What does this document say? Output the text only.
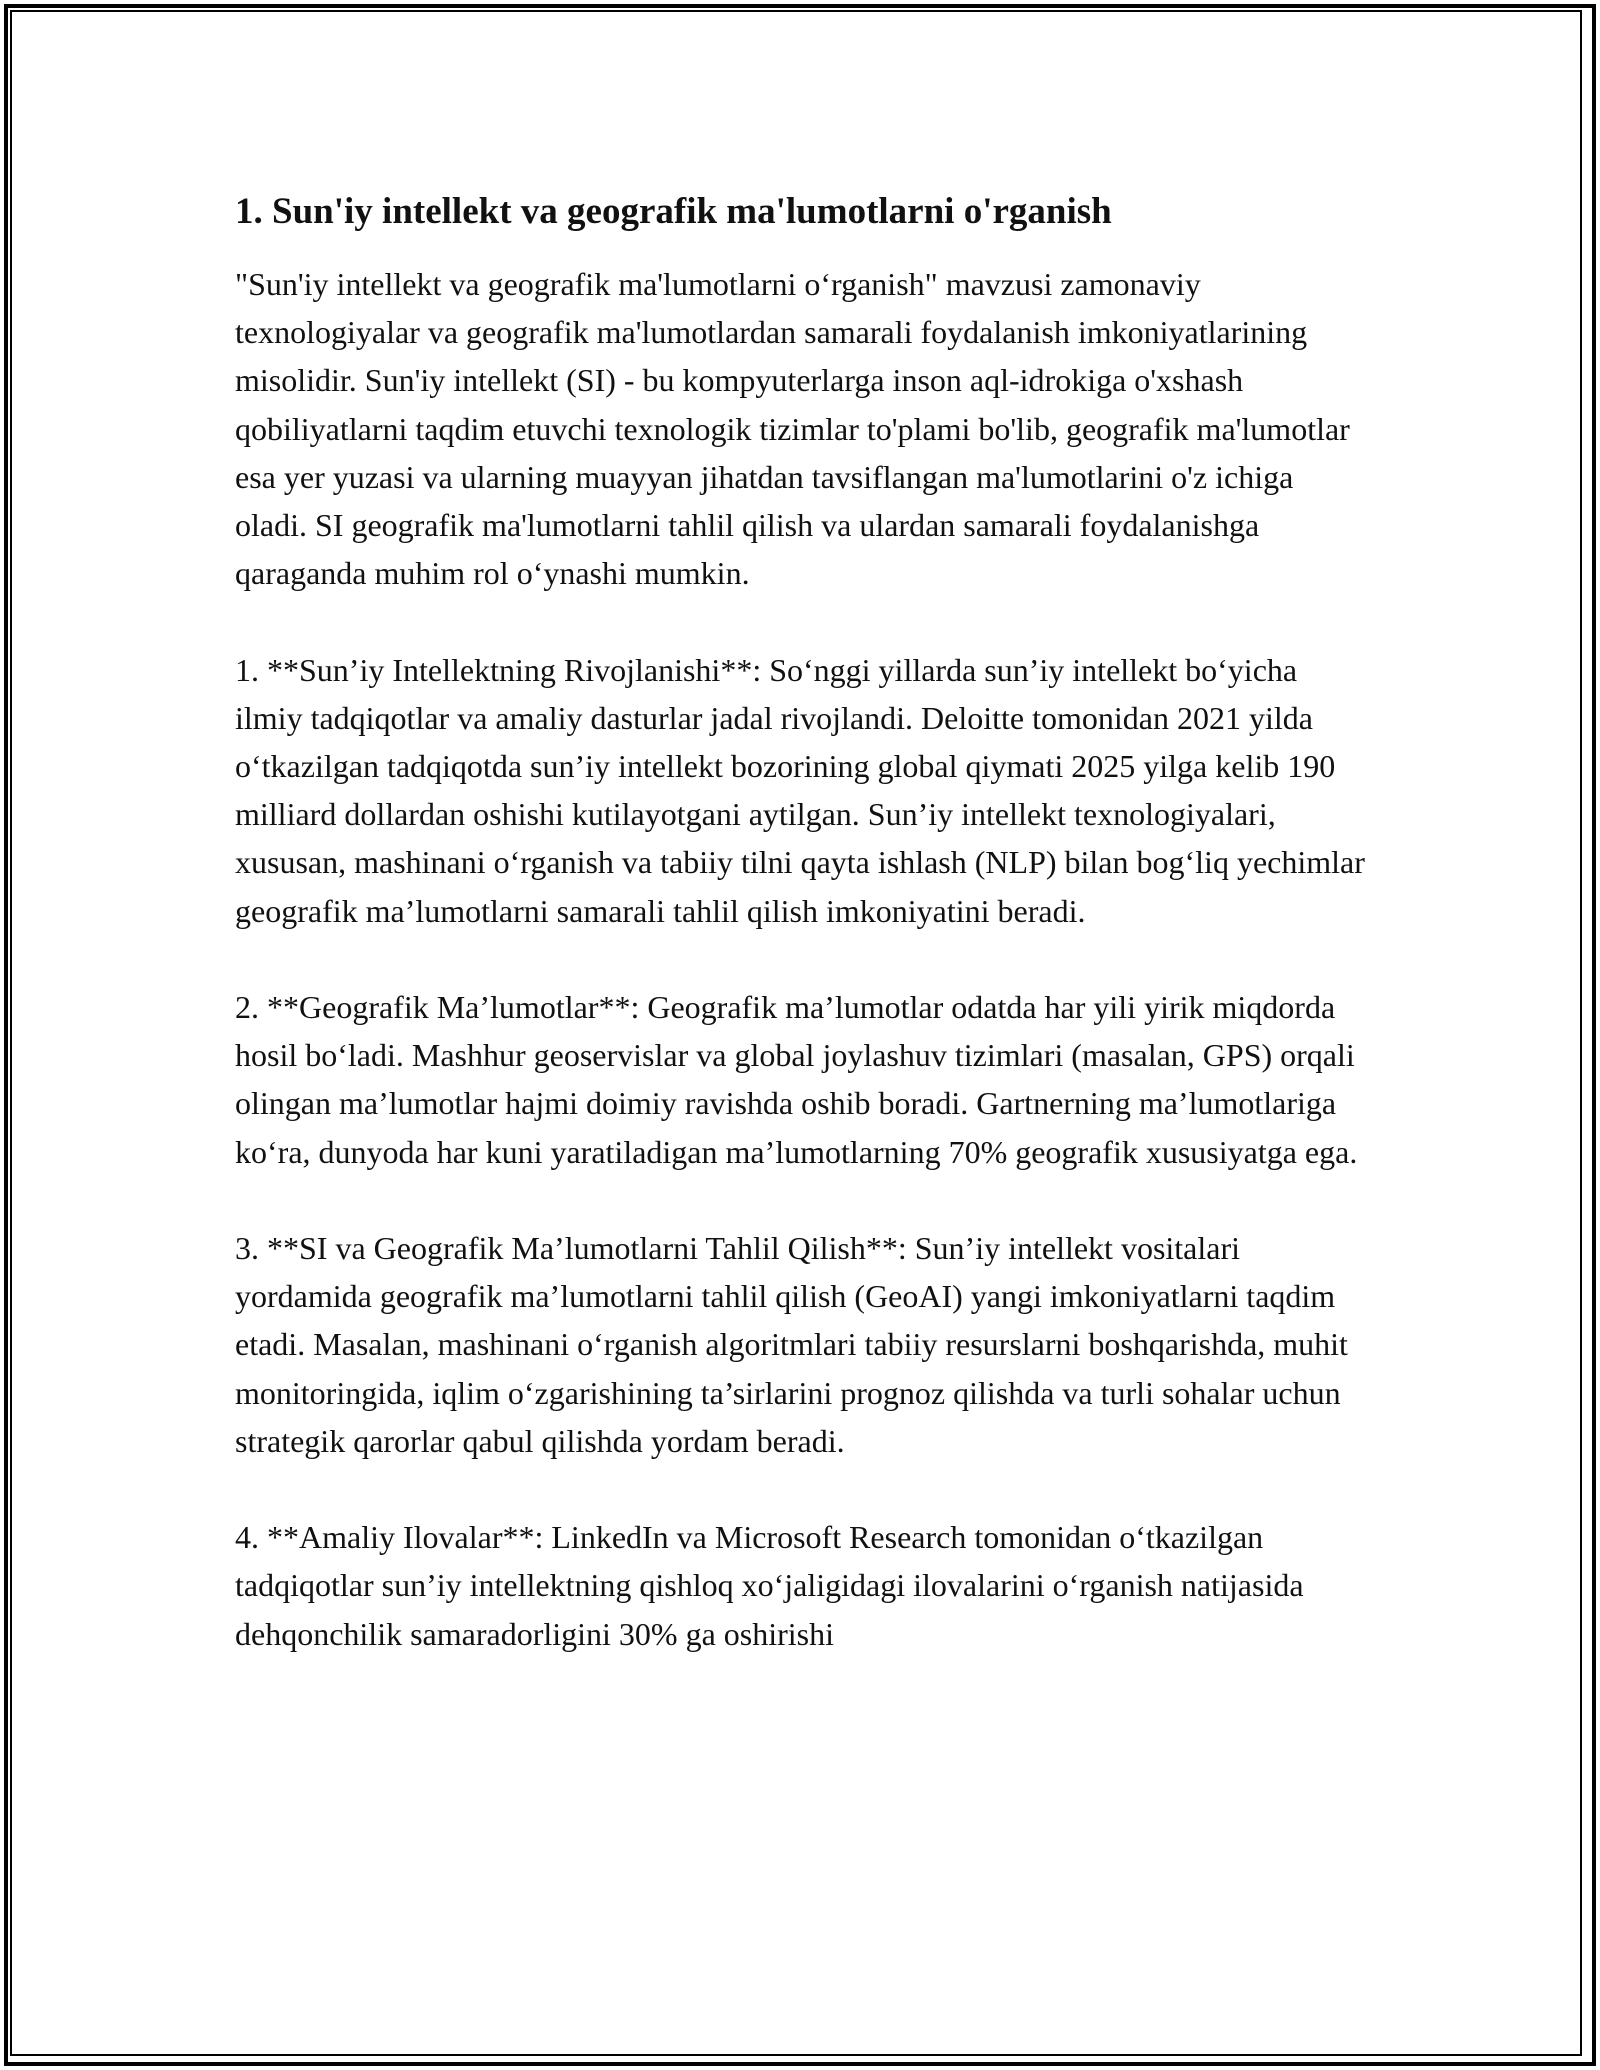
1. Sun'iy intellekt va geografik ma'lumotlarni o'rganish

"Sun'iy intellekt va geografik ma'lumotlarni oʻrganish" mavzusi zamonaviy texnologiyalar va geografik ma'lumotlardan samarali foydalanish imkoniyatlarining misolidir. Sun'iy intellekt (SI) - bu kompyuterlarga inson aql-idrokiga o'xshash qobiliyatlarni taqdim etuvchi texnologik tizimlar to'plami bo'lib, geografik ma'lumotlar esa yer yuzasi va ularning muayyan jihatdan tavsiflangan ma'lumotlarini o'z ichiga oladi. SI geografik ma'lumotlarni tahlil qilish va ulardan samarali foydalanishga qaraganda muhim rol oʻynashi mumkin.

1. **Sun’iy Intellektning Rivojlanishi**: Soʻnggi yillarda sun’iy intellekt boʻyicha ilmiy tadqiqotlar va amaliy dasturlar jadal rivojlandi. Deloitte tomonidan 2021 yilda oʻtkazilgan tadqiqotda sun’iy intellekt bozorining global qiymati 2025 yilga kelib 190 milliard dollardan oshishi kutilayotgani aytilgan. Sun’iy intellekt texnologiyalari, xususan, mashinani oʻrganish va tabiiy tilni qayta ishlash (NLP) bilan bogʻliq yechimlar geografik ma’lumotlarni samarali tahlil qilish imkoniyatini beradi.

2. **Geografik Ma’lumotlar**: Geografik ma’lumotlar odatda har yili yirik miqdorda hosil boʻladi. Mashhur geoservislar va global joylashuv tizimlari (masalan, GPS) orqali olingan ma’lumotlar hajmi doimiy ravishda oshib boradi. Gartnerning ma’lumotlariga koʻra, dunyoda har kuni yaratiladigan ma’lumotlarning 70% geografik xususiyatga ega.

3. **SI va Geografik Ma’lumotlarni Tahlil Qilish**: Sun’iy intellekt vositalari yordamida geografik ma’lumotlarni tahlil qilish (GeoAI) yangi imkoniyatlarni taqdim etadi. Masalan, mashinani oʻrganish algoritmlari tabiiy resurslarni boshqarishda, muhit monitoringida, iqlim oʻzgarishining ta’sirlarini prognoz qilishda va turli sohalar uchun strategik qarorlar qabul qilishda yordam beradi.

4. **Amaliy Ilovalar**: LinkedIn va Microsoft Research tomonidan oʻtkazilgan tadqiqotlar sun’iy intellektning qishloq xoʻjaligidagi ilovalarini oʻrganish natijasida dehqonchilik samaradorligini 30% ga oshirishi
